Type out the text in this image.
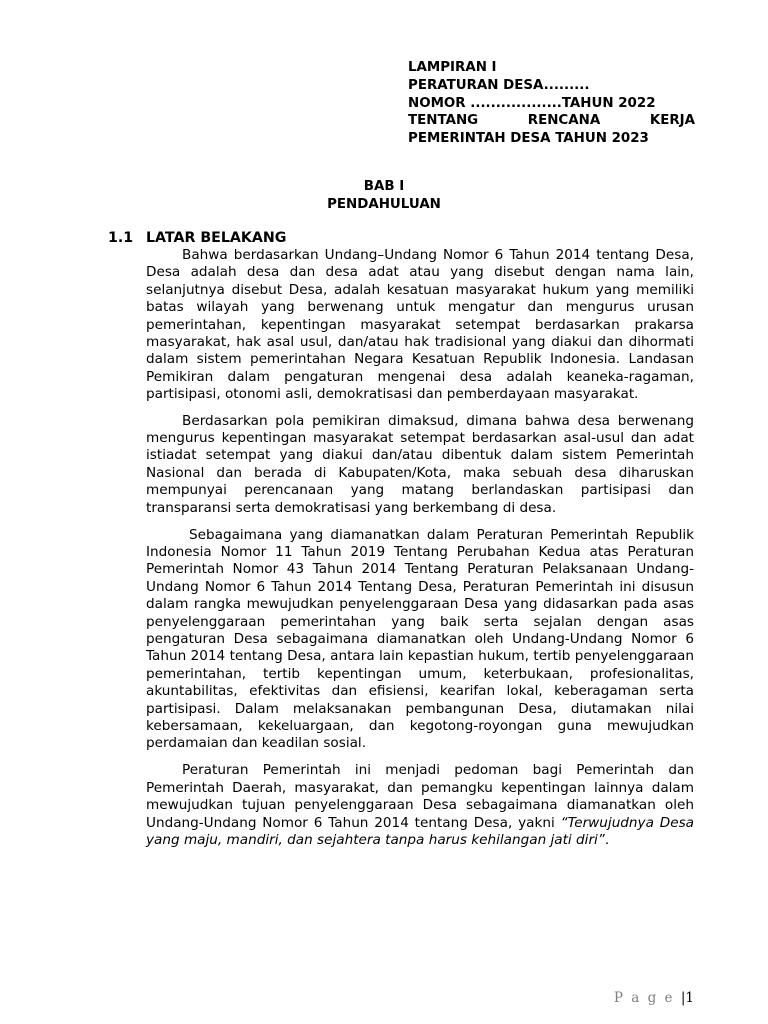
LAMPIRAN I
PERATURAN DESA.........
NOMOR ..................TAHUN 2022
TENTANG	RENCANA	KERJA
PEMERINTAH DESA TAHUN 2023
BAB I
PENDAHULUAN
1.1 LATAR BELAKANG

Bahwa berdasarkan Undang–Undang Nomor 6 Tahun 2014 tentang Desa, Desa adalah desa dan desa adat atau yang disebut dengan nama lain, selanjutnya disebut Desa, adalah kesatuan masyarakat hukum yang memiliki batas wilayah yang berwenang untuk mengatur dan mengurus urusan pemerintahan, kepentingan masyarakat setempat berdasarkan prakarsa masyarakat, hak asal usul, dan/atau hak tradisional yang diakui dan dihormati dalam sistem pemerintahan Negara Kesatuan Republik Indonesia. Landasan Pemikiran dalam pengaturan mengenai desa adalah keaneka-ragaman, partisipasi, otonomi asli, demokratisasi dan pemberdayaan masyarakat.

Berdasarkan pola pemikiran dimaksud, dimana bahwa desa berwenang mengurus kepentingan masyarakat setempat berdasarkan asal-usul dan adat istiadat setempat yang diakui dan/atau dibentuk dalam sistem Pemerintah Nasional dan berada di Kabupaten/Kota, maka sebuah desa diharuskan mempunyai perencanaan yang matang berlandaskan partisipasi dan transparansi serta demokratisasi yang berkembang di desa.

Sebagaimana yang diamanatkan dalam Peraturan Pemerintah Republik Indonesia Nomor 11 Tahun 2019 Tentang Perubahan Kedua atas Peraturan Pemerintah Nomor 43 Tahun 2014 Tentang Peraturan Pelaksanaan Undang-Undang Nomor 6 Tahun 2014 Tentang Desa, Peraturan Pemerintah ini disusun dalam rangka mewujudkan penyelenggaraan Desa yang didasarkan pada asas penyelenggaraan pemerintahan yang baik serta sejalan dengan asas pengaturan Desa sebagaimana diamanatkan oleh Undang-Undang Nomor 6 Tahun 2014 tentang Desa, antara lain kepastian hukum, tertib penyelenggaraan pemerintahan, tertib kepentingan umum, keterbukaan, profesionalitas, akuntabilitas, efektivitas dan efisiensi, kearifan lokal, keberagaman serta partisipasi. Dalam melaksanakan pembangunan Desa, diutamakan nilai kebersamaan, kekeluargaan, dan kegotong-royongan guna mewujudkan perdamaian dan keadilan sosial.

Peraturan Pemerintah ini menjadi pedoman bagi Pemerintah dan Pemerintah Daerah, masyarakat, dan pemangku kepentingan lainnya dalam mewujudkan tujuan penyelenggaraan Desa sebagaimana diamanatkan oleh Undang-Undang Nomor 6 Tahun 2014 tentang Desa, yakni “Terwujudnya Desa yang maju, mandiri, dan sejahtera tanpa harus kehilangan jati diri”.

P a g e |1
